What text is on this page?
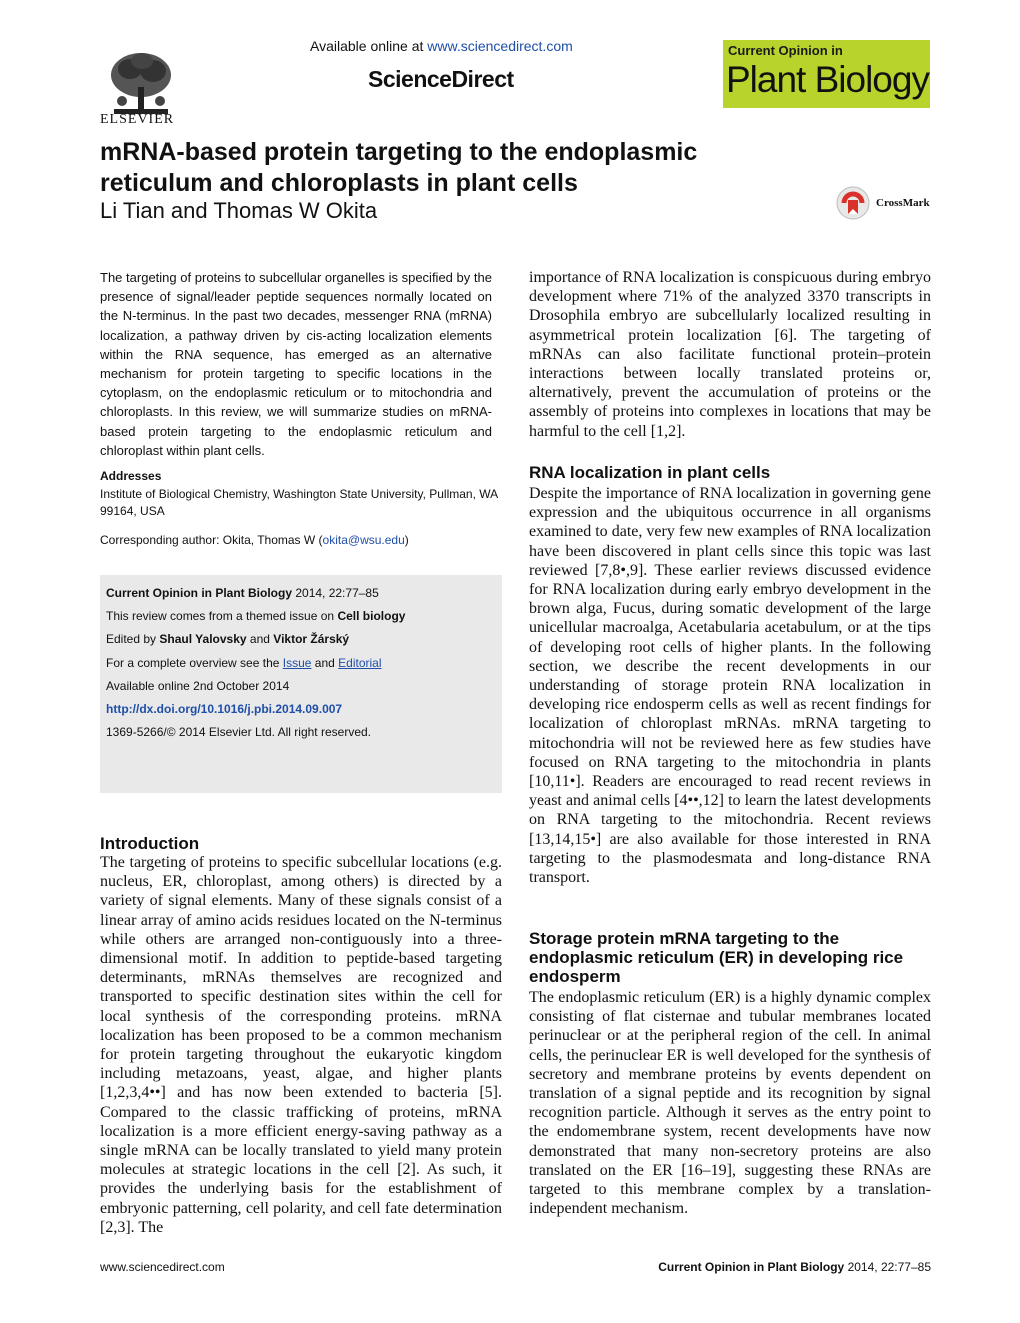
ELSEVIER
Available online at www.sciencedirect.com
ScienceDirect
Current Opinion in
Plant Biology
mRNA-based protein targeting to the endoplasmic reticulum and chloroplasts in plant cells
Li Tian and Thomas W Okita	CrossMark
The targeting of proteins to subcellular organelles is specified by the presence of signal/leader peptide sequences normally located on the N-terminus. In the past two decades, messenger RNA (mRNA) localization, a pathway driven by cis-acting localization elements within the RNA sequence, has emerged as an alternative mechanism for protein targeting to specific locations in the cytoplasm, on the endoplasmic reticulum or to mitochondria and chloroplasts. In this review, we will summarize studies on mRNA-based protein targeting to the endoplasmic reticulum and chloroplast within plant cells.
Addresses
Institute of Biological Chemistry, Washington State University, Pullman, WA 99164, USA
Corresponding author: Okita, Thomas W (okita@wsu.edu)
Current Opinion in Plant Biology 2014, 22:77–85
This review comes from a themed issue on Cell biology
Edited by Shaul Yalovsky and Viktor Žárský
For a complete overview see the Issue and Editorial
Available online 2nd October 2014
http://dx.doi.org/10.1016/j.pbi.2014.09.007
1369-5266/© 2014 Elsevier Ltd. All right reserved.
Introduction
The targeting of proteins to specific subcellular locations (e.g. nucleus, ER, chloroplast, among others) is directed by a variety of signal elements. Many of these signals consist of a linear array of amino acids residues located on the N-terminus while others are arranged non-contiguously into a three-dimensional motif. In addition to peptide-based targeting determinants, mRNAs themselves are recognized and transported to specific destination sites within the cell for local synthesis of the corresponding proteins. mRNA localization has been proposed to be a common mechanism for protein targeting throughout the eukaryotic kingdom including metazoans, yeast, algae, and higher plants [1,2,3,4••] and has now been extended to bacteria [5]. Compared to the classic trafficking of proteins, mRNA localization is a more efficient energy-saving pathway as a single mRNA can be locally translated to yield many protein molecules at strategic locations in the cell [2]. As such, it provides the underlying basis for the establishment of embryonic patterning, cell polarity, and cell fate determination [2,3]. The
importance of RNA localization is conspicuous during embryo development where 71% of the analyzed 3370 transcripts in Drosophila embryo are subcellularly localized resulting in asymmetrical protein localization [6]. The targeting of mRNAs can also facilitate functional protein–protein interactions between locally translated proteins or, alternatively, prevent the accumulation of proteins or the assembly of proteins into complexes in locations that may be harmful to the cell [1,2].
RNA localization in plant cells
Despite the importance of RNA localization in governing gene expression and the ubiquitous occurrence in all organisms examined to date, very few new examples of RNA localization have been discovered in plant cells since this topic was last reviewed [7,8•,9]. These earlier reviews discussed evidence for RNA localization during early embryo development in the brown alga, Fucus, during somatic development of the large unicellular macroalga, Acetabularia acetabulum, or at the tips of developing root cells of higher plants. In the following section, we describe the recent developments in our understanding of storage protein RNA localization in developing rice endosperm cells as well as recent findings for localization of chloroplast mRNAs. mRNA targeting to mitochondria will not be reviewed here as few studies have focused on RNA targeting to the mitochondria in plants [10,11•]. Readers are encouraged to read recent reviews in yeast and animal cells [4••,12] to learn the latest developments on RNA targeting to the mitochondria. Recent reviews [13,14,15•] are also available for those interested in RNA targeting to the plasmodesmata and long-distance RNA transport.
Storage protein mRNA targeting to the endoplasmic reticulum (ER) in developing rice endosperm
The endoplasmic reticulum (ER) is a highly dynamic complex consisting of flat cisternae and tubular membranes located perinuclear or at the peripheral region of the cell. In animal cells, the perinuclear ER is well developed for the synthesis of secretory and membrane proteins by events dependent on translation of a signal peptide and its recognition by signal recognition particle. Although it serves as the entry point to the endomembrane system, recent developments have now demonstrated that many non-secretory proteins are also translated on the ER [16–19], suggesting these RNAs are targeted to this membrane complex by a translation-independent mechanism.
www.sciencedirect.com	Current Opinion in Plant Biology 2014, 22:77–85
